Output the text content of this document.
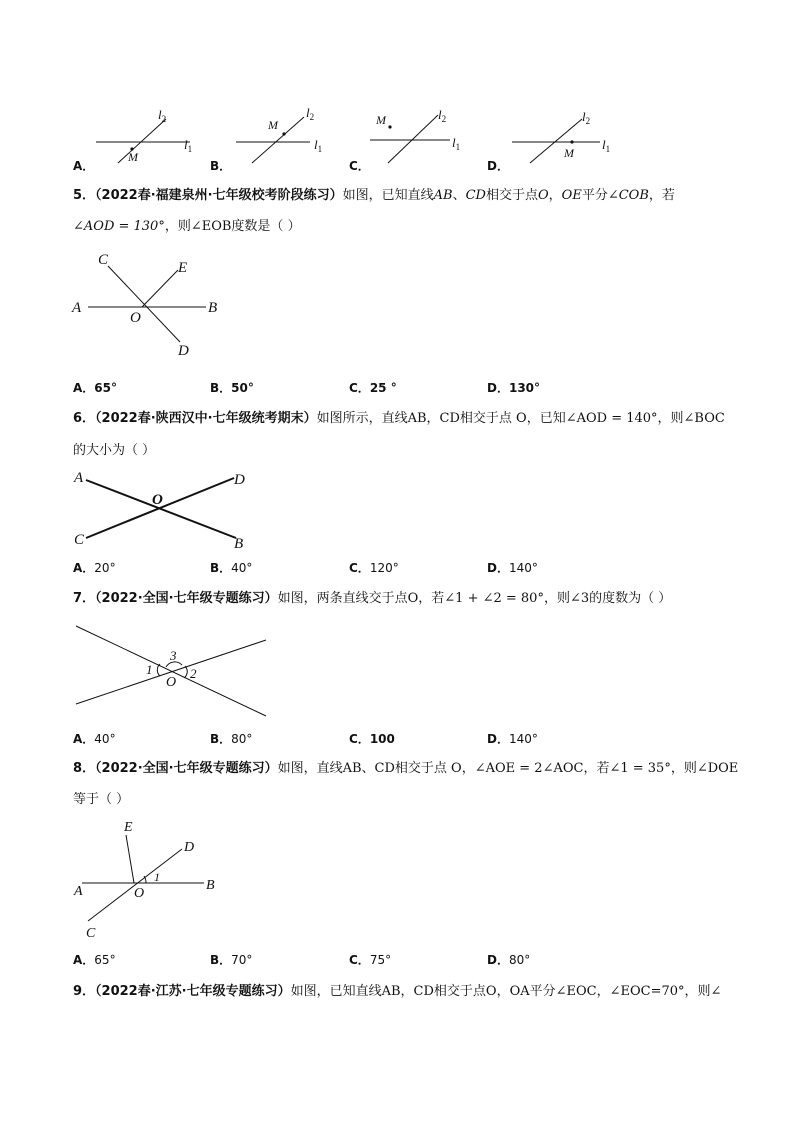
A．
$l_2$
$l_1$
M
B．
$l_2$
$l_1$
M
C．
$l_2$
$l_1$
M
D．
$l_2$
$l_1$
M
5．（2022春·福建泉州·七年级校考阶段练习）如图，已知直线AB、CD相交于点O，OE平分∠COB，若
∠AOD = 130°，则∠EOB度数是（ ）
C	E
A	B
O
D
A．65°	B．50°	C．25 °	D．130°
6．（2022春·陕西汉中·七年级统考期末）如图所示，直线AB，CD相交于点 O，已知∠AOD = 140°，则∠BOC
的大小为（ ）
A	D
O
C	B
A．20°	B．40°	C．120°	D．140°
7．（2022·全国·七年级专题练习）如图，两条直线交于点O，若∠1 + ∠2 = 80°，则∠3的度数为（ ）
3
1	2
O
A．40°	B．80°	C．100	D．140°
8．（2022·全国·七年级专题练习）如图，直线AB、CD相交于点 O，∠AOE = 2∠AOC，若∠1 = 35°，则∠DOE
等于（ ）
E
D
A	B
O
1
C
A．65°	B．70°	C．75°	D．80°
9．（2022春·江苏·七年级专题练习）如图，已知直线AB，CD相交于点O，OA平分∠EOC，∠EOC=70°，则∠
